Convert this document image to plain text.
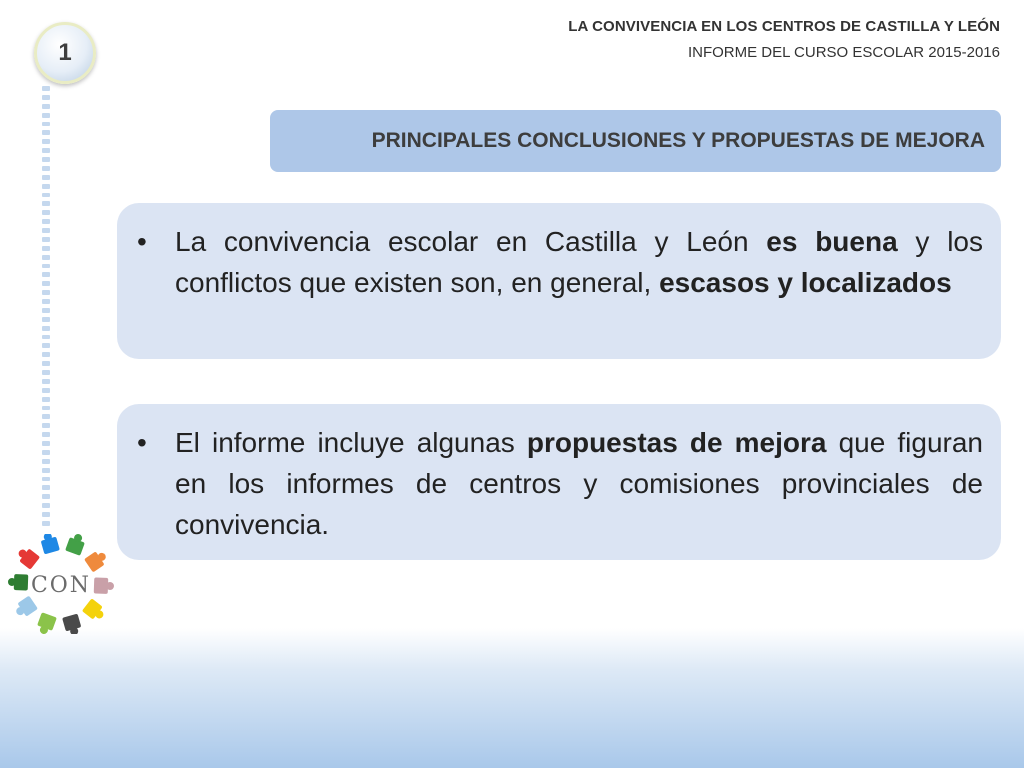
1
LA CONVIVENCIA EN LOS CENTROS DE CASTILLA Y LEÓN
INFORME DEL CURSO ESCOLAR 2015-2016
PRINCIPALES CONCLUSIONES Y PROPUESTAS DE MEJORA
•	La convivencia escolar en Castilla y León es buena y los conflictos que existen son, en general, escasos y localizados
•	El informe incluye algunas propuestas de mejora que figuran en los informes de centros y comisiones provinciales de convivencia.
CON
